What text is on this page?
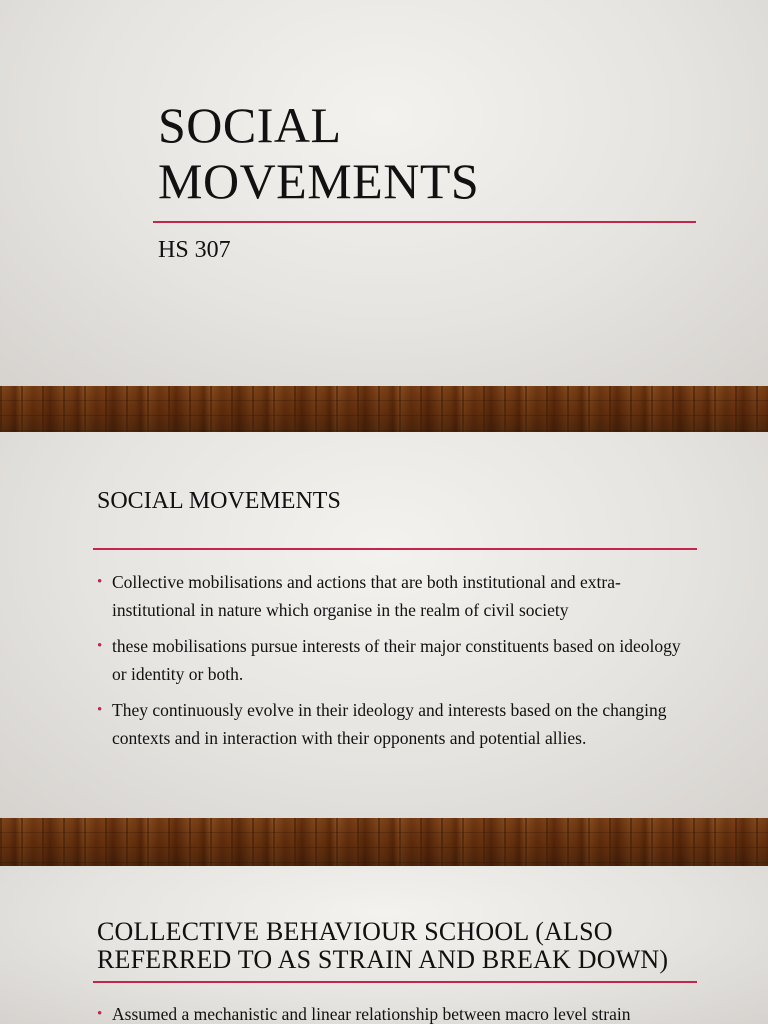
SOCIAL
MOVEMENTS
HS 307
SOCIAL MOVEMENTS
• Collective mobilisations and actions that are both institutional and extra-institutional in nature which organise in the realm of civil society
• these mobilisations pursue interests of their major constituents based on ideology or identity or both.
• They continuously evolve in their ideology and interests based on the changing contexts and in interaction with their opponents and potential allies.
COLLECTIVE BEHAVIOUR SCHOOL (ALSO
REFERRED TO AS STRAIN AND BREAK DOWN)
• Assumed a mechanistic and linear relationship between macro level strain
